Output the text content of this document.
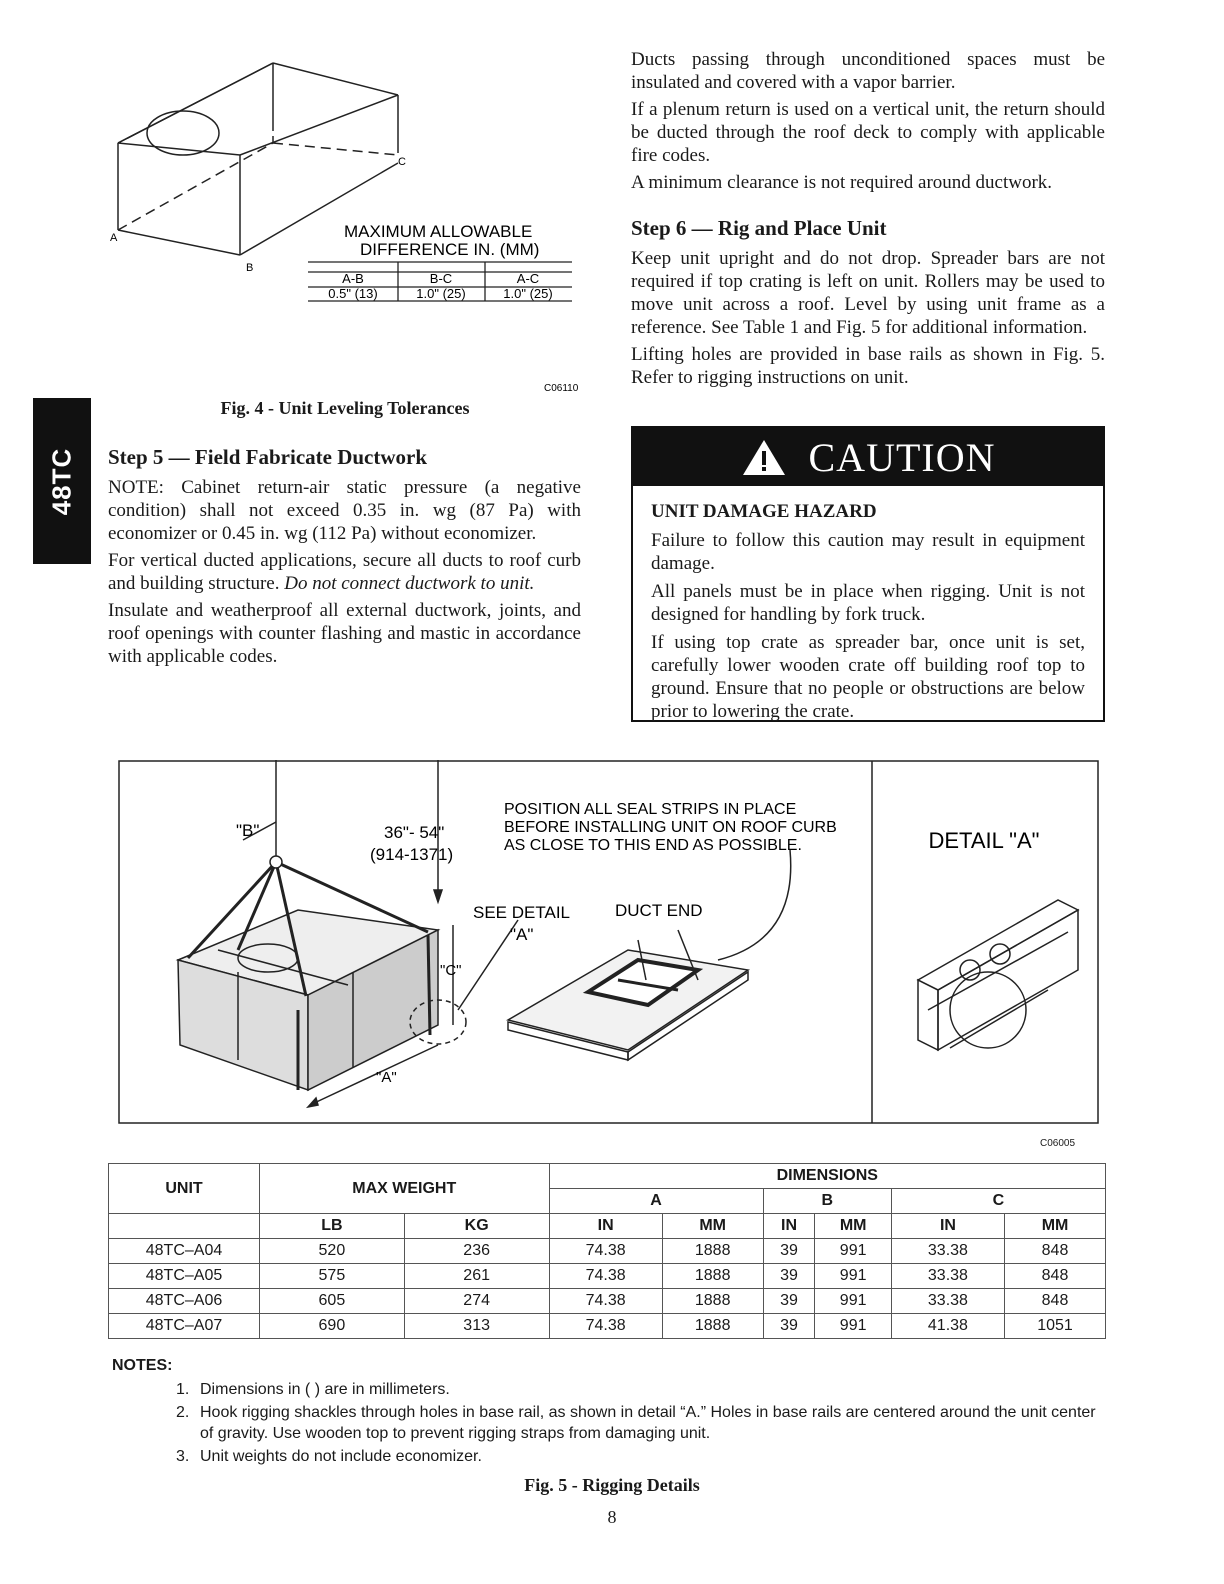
48TC
A
B
C
MAXIMUM ALLOWABLE
DIFFERENCE IN. (MM)
A-B	B-C	A-C
0.5" (13)	1.0" (25)	1.0" (25)
C06110
Fig. 4 - Unit Leveling Tolerances

Step 5 — Field Fabricate Ductwork

NOTE: Cabinet return-air static pressure (a negative condition) shall not exceed 0.35 in. wg (87 Pa) with economizer or 0.45 in. wg (112 Pa) without economizer.

For vertical ducted applications, secure all ducts to roof curb and building structure. Do not connect ductwork to unit.

Insulate and weatherproof all external ductwork, joints, and roof openings with counter flashing and mastic in accordance with applicable codes.

Ducts passing through unconditioned spaces must be insulated and covered with a vapor barrier.

If a plenum return is used on a vertical unit, the return should be ducted through the roof deck to comply with applicable fire codes.

A minimum clearance is not required around ductwork.

Step 6 — Rig and Place Unit

Keep unit upright and do not drop. Spreader bars are not required if top crating is left on unit. Rollers may be used to move unit across a roof. Level by using unit frame as a reference. See Table 1 and Fig. 5 for additional information.

Lifting holes are provided in base rails as shown in Fig. 5. Refer to rigging instructions on unit.

CAUTION

UNIT DAMAGE HAZARD

Failure to follow this caution may result in equipment damage.

All panels must be in place when rigging. Unit is not designed for handling by fork truck.

If using top crate as spreader bar, once unit is set, carefully lower wooden crate off building roof top to ground. Ensure that no people or obstructions are below prior to lowering the crate.

"B"	36"- 54"
(914-1371)
"C"
"A"
SEE DETAIL
"A"
DUCT END
POSITION ALL SEAL STRIPS IN PLACE
BEFORE INSTALLING UNIT ON ROOF CURB
AS CLOSE TO THIS END AS POSSIBLE.	DETAIL "A"
C06005
UNIT	MAX WEIGHT		DIMENSIONS					
			A		B		C	
	LB	KG	IN	MM	IN	MM	IN	MM
48TC–A04	520	236	74.38	1888	39	991	33.38	848
48TC–A05	575	261	74.38	1888	39	991	33.38	848
48TC–A06	605	274	74.38	1888	39	991	33.38	848
48TC–A07	690	313	74.38	1888	39	991	41.38	1051
NOTES:
1. Dimensions in ( ) are in millimeters.
2. Hook rigging shackles through holes in base rail, as shown in detail “A.” Holes in base rails are centered around the unit center of gravity. Use wooden top to prevent rigging straps from damaging unit.
3. Unit weights do not include economizer.
Fig. 5 - Rigging Details
8
